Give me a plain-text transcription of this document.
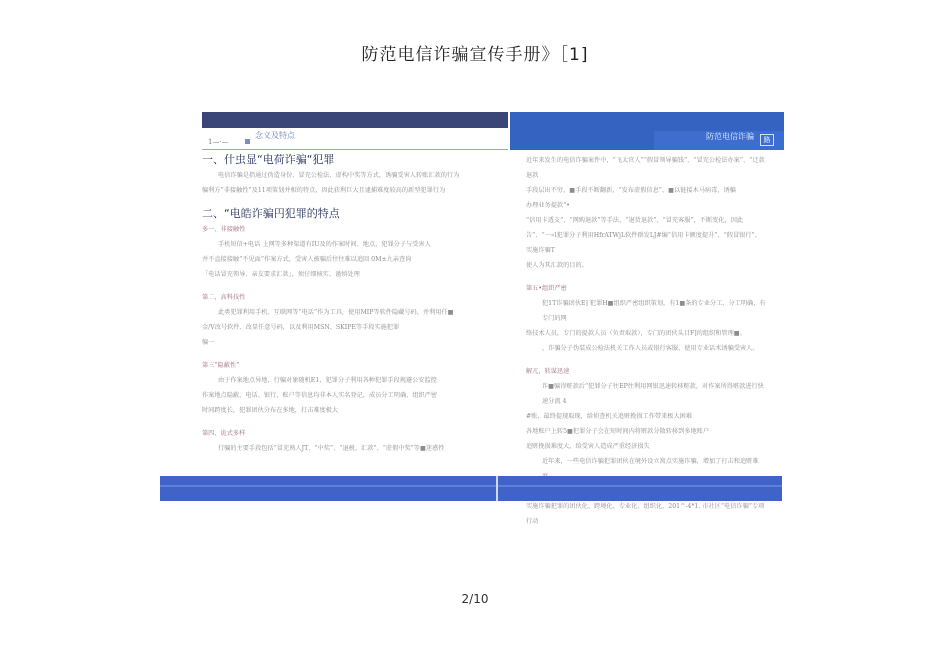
防范电信诈骗宣传手册》［1]
防范电信诈骗	路
念义及特点
1—·—

一、什虫显“电荷诈骗“犯罪

电信诈骗是指通过伪造身份、冒充公检法、虚构中奖等方式，诱骗受害人转账汇款的行为

骗利方“非接触性”及11项策划并相的特点，因此获利巨大且逮捕难度较高的新型犯罪行为

二、“电皓诈骗円犯罪的特点

多一、非接触性

手机短信+电话 上网等多种渠道有IU及的作案时间、地点，犯罪分子与受害人

并不直接接触“不见面”作案方式，受害人被骗后往往难以追回 0M±九亲查询

「电话冒充领导、亲友要求汇款」，须仔细核实、谨慎处理

第二，高科技性

此类犯罪利用手机、互联网等“电话”作为工具，使用MIP等软件隐藏号码，并利用任■

金/V改号软件、改显任意号码，以及利用MSN、SKIPE等手段实施犯罪

骗一

第三“隐蔽性”

由于作案地点异地，行骗对象随机E1，犯罪分子利用各种犯罪手段规避公安监控

作案地点隐蔽，电话、银行、账户等信息均非本人实名登记，成员分工明确、组织严密

时间跨度长，犯罪团伙分布在多地，打击难度极大

第四、诡式多样

行骗的主要手段包括“冒充熟人JT、“中奖”、“退税、汇款”、“虚假中奖”等■迷惑性

近年来发生的电信诈骗案件中，“飞太官人”“假冒领导骗钱”、“冒充公检法办案”、“迁款退款

手段层出不穷，■手段不断翻新，“发布虚假信息”、■以链接木马病毒，诱骗

办理业务提款“•

“信用卡透支”、“网购退款”等手法，“退货退款”、“冒充客服”，不断变化，因此

告”、“一«l犯罪分子利用HfrATWjL软件群发LJ#编“信用卡额度提升”、“假冒银行”、实施诈骗T

使人为其汇款的目的。

第五•组织严密

犯1T诈骗团伙E] 犯罪H■组织严密组织策划，有1■条的专业分工，分工明确，有专门的网

络技术人员，专门的提款人员（负责取款），专门的团伙头目F]的组织和管理■。

，诈骗分子伪装成公检法机关工作人员或银行客服，使用专业话术诱骗受害人。

解兀，转谋迅速

诈■骗得赃款后“犯罪分子往EP往利用网银迅速转移赃款，对作案所得赃款进行快速分流 4

#账，最终提现取现，给侦查机关追赃挽损工作带来极大困难

各地账户上转5■犯罪分子会在短时间内将赃款分散转移到多地账户

追赃挽损难度大，给受害人造成严重经济损失

近年来，一些电信诈骗犯罪团伙在境外设立窝点实施诈骗，增加了打击和追赃难

实施诈骗犯罪的团伙化、跨境化、专业化、组织化，201^-4*1. 市社区“电信诈骗”专项行动

2/10
